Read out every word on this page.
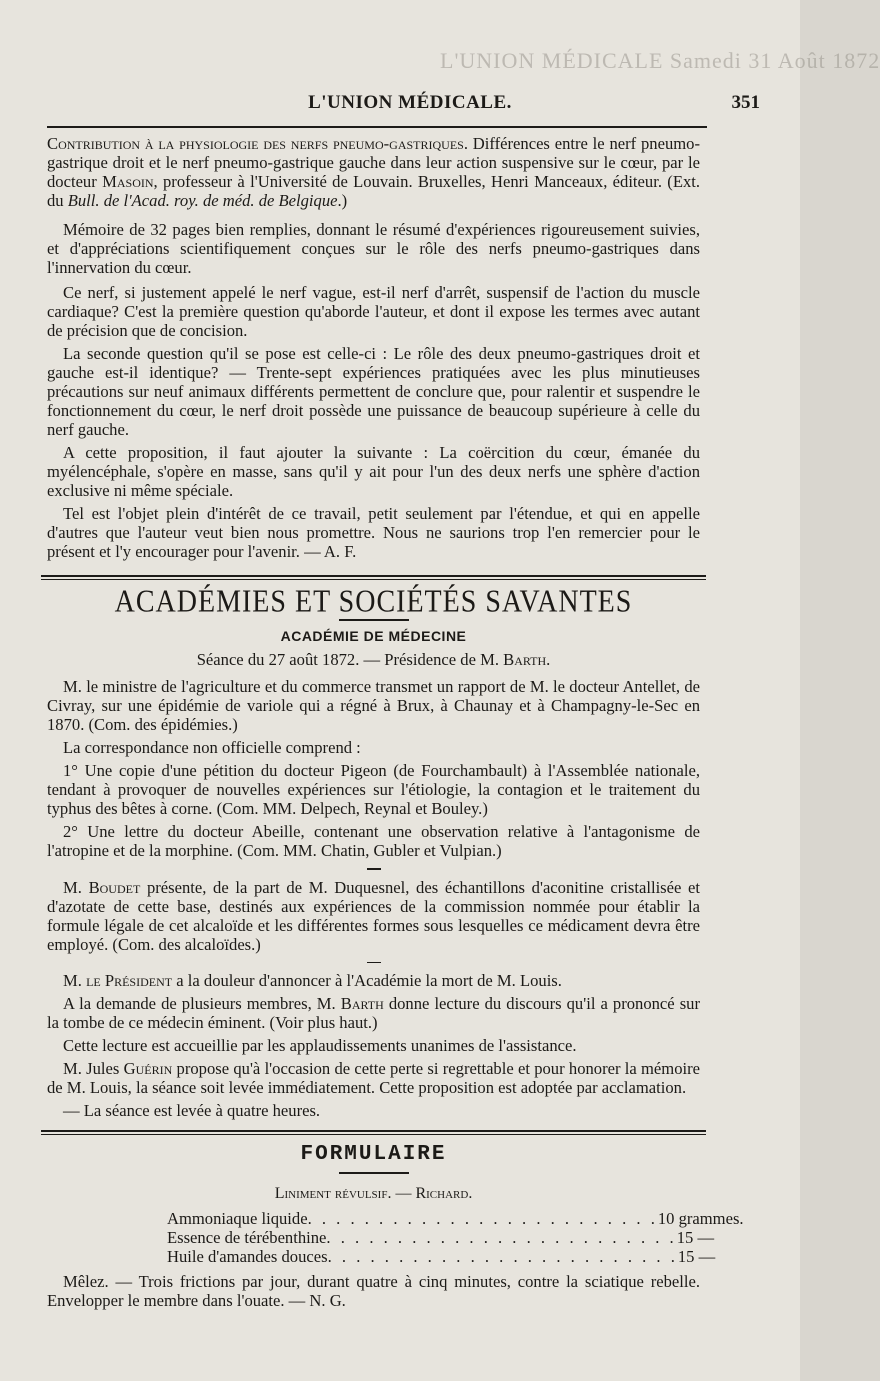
L'UNION MÉDICALE Samedi 31 Août 1872
L'UNION MÉDICALE.	351

Contribution à la physiologie des nerfs pneumo-gastriques. Différences entre le nerf pneumo-gastrique droit et le nerf pneumo-gastrique gauche dans leur action suspensive sur le cœur, par le docteur Masoin, professeur à l'Université de Louvain. Bruxelles, Henri Manceaux, éditeur. (Ext. du Bull. de l'Acad. roy. de méd. de Belgique.)

Mémoire de 32 pages bien remplies, donnant le résumé d'expériences rigoureusement suivies, et d'appréciations scientifiquement conçues sur le rôle des nerfs pneumo-gastriques dans l'innervation du cœur.

Ce nerf, si justement appelé le nerf vague, est-il nerf d'arrêt, suspensif de l'action du muscle cardiaque? C'est la première question qu'aborde l'auteur, et dont il expose les termes avec autant de précision que de concision.

La seconde question qu'il se pose est celle-ci : Le rôle des deux pneumo-gastriques droit et gauche est-il identique? — Trente-sept expériences pratiquées avec les plus minutieuses précautions sur neuf animaux différents permettent de conclure que, pour ralentir et suspendre le fonctionnement du cœur, le nerf droit possède une puissance de beaucoup supérieure à celle du nerf gauche.

A cette proposition, il faut ajouter la suivante : La coërcition du cœur, émanée du myélencéphale, s'opère en masse, sans qu'il y ait pour l'un des deux nerfs une sphère d'action exclusive ni même spéciale.

Tel est l'objet plein d'intérêt de ce travail, petit seulement par l'étendue, et qui en appelle d'autres que l'auteur veut bien nous promettre. Nous ne saurions trop l'en remercier pour le présent et l'y encourager pour l'avenir. — A. F.

ACADÉMIES ET SOCIÉTÉS SAVANTES
ACADÉMIE DE MÉDECINE

Séance du 27 août 1872. — Présidence de M. Barth.

M. le ministre de l'agriculture et du commerce transmet un rapport de M. le docteur Antellet, de Civray, sur une épidémie de variole qui a régné à Brux, à Chaunay et à Champagny-le-Sec en 1870. (Com. des épidémies.)

La correspondance non officielle comprend :

1° Une copie d'une pétition du docteur Pigeon (de Fourchambault) à l'Assemblée nationale, tendant à provoquer de nouvelles expériences sur l'étiologie, la contagion et le traitement du typhus des bêtes à corne. (Com. MM. Delpech, Reynal et Bouley.)

2° Une lettre du docteur Abeille, contenant une observation relative à l'antagonisme de l'atropine et de la morphine. (Com. MM. Chatin, Gubler et Vulpian.)

M. Boudet présente, de la part de M. Duquesnel, des échantillons d'aconitine cristallisée et d'azotate de cette base, destinés aux expériences de la commission nommée pour établir la formule légale de cet alcaloïde et les différentes formes sous lesquelles ce médicament devra être employé. (Com. des alcaloïdes.)

M. le Président a la douleur d'annoncer à l'Académie la mort de M. Louis.

A la demande de plusieurs membres, M. Barth donne lecture du discours qu'il a prononcé sur la tombe de ce médecin éminent. (Voir plus haut.)

Cette lecture est accueillie par les applaudissements unanimes de l'assistance.

M. Jules Guérin propose qu'à l'occasion de cette perte si regrettable et pour honorer la mémoire de M. Louis, la séance soit levée immédiatement. Cette proposition est adoptée par acclamation.

— La séance est levée à quatre heures.

FORMULAIRE

Liniment révulsif. — Richard.

Ammoniaque liquide . . . . . . . . . . . . . . . . . . . . . . . . . 10 grammes.
Essence de térébenthine . . . . . . . . . . . . . . . . . . . . . . . . . 15 —
Huile d'amandes douces . . . . . . . . . . . . . . . . . . . . . . . . . 15 —

Mêlez. — Trois frictions par jour, durant quatre à cinq minutes, contre la sciatique rebelle. Envelopper le membre dans l'ouate. — N. G.
